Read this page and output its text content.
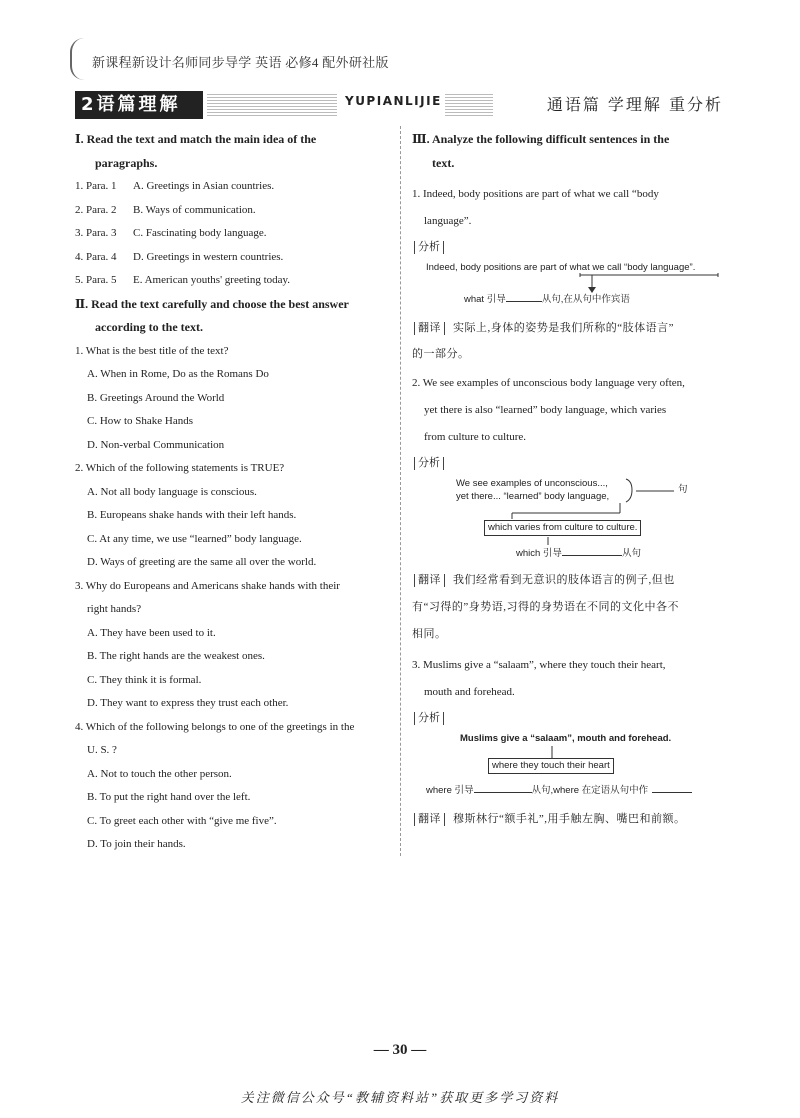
新课程新设计名师同步导学 英语 必修4 配外研社版
2语篇理解	YUPIANLIJIE	通语篇 学理解 重分析
Ⅰ. Read the text and match the main idea of the
paragraphs.
1. Para. 1 A. Greetings in Asian countries.
2. Para. 2 B. Ways of communication.
3. Para. 3 C. Fascinating body language.
4. Para. 4 D. Greetings in western countries.
5. Para. 5 E. American youths' greeting today.
Ⅱ. Read the text carefully and choose the best answer
according to the text.
1. What is the best title of the text?
A. When in Rome, Do as the Romans Do
B. Greetings Around the World
C. How to Shake Hands
D. Non-verbal Communication
2. Which of the following statements is TRUE?
A. Not all body language is conscious.
B. Europeans shake hands with their left hands.
C. At any time, we use “learned” body language.
D. Ways of greeting are the same all over the world.
3. Why do Europeans and Americans shake hands with their
right hands?
A. They have been used to it.
B. The right hands are the weakest ones.
C. They think it is formal.
D. They want to express they trust each other.
4. Which of the following belongs to one of the greetings in the
U. S. ?
A. Not to touch the other person.
B. To put the right hand over the left.
C. To greet each other with “give me five”.
D. To join their hands.
Ⅲ. Analyze the following difficult sentences in the
text.
1. Indeed, body positions are part of what we call “body
language”.
分析
Indeed, body positions are part of what we call “body language”.
what 引导	从句,在从句中作宾语
翻译 实际上,身体的姿势是我们所称的“肢体语言”
的一部分。
2. We see examples of unconscious body language very often,
yet there is also “learned” body language, which varies
from culture to culture.
分析
We see examples of unconscious...,
yet there... “learned” body language,
句
which varies from culture to culture.
which 引导	从句
翻译 我们经常看到无意识的肢体语言的例子,但也
有“习得的”身势语,习得的身势语在不同的文化中各不
相同。
3. Muslims give a “salaam”, where they touch their heart,
mouth and forehead.
分析
Muslims give a “salaam”, mouth and forehead.
where they touch their heart
where 引导	从句,where 在定语从句中作
翻译 穆斯林行“额手礼”,用手触左胸、嘴巴和前额。
— 30 —
关注微信公众号“教辅资料站”获取更多学习资料
